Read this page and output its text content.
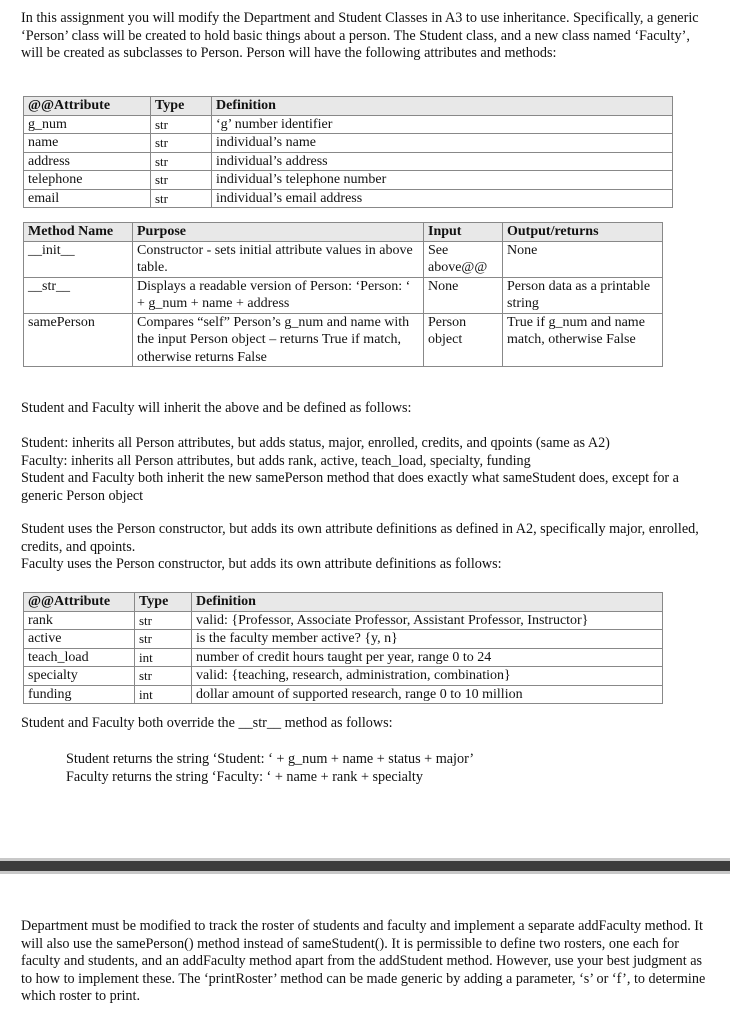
In this assignment you will modify the Department and Student Classes in A3 to use inheritance. Specifically, a generic ‘Person’ class will be created to hold basic things about a person. The Student class, and a new class named ‘Faculty’, will be created as subclasses to Person. Person will have the following attributes and methods:

@@Attribute	Type	Definition
g_num	str	‘g’ number identifier
name	str	individual’s name
address	str	individual’s address
telephone	str	individual’s telephone number
email	str	individual’s email address
Method Name	Purpose	Input	Output/returns
__init__	Constructor - sets initial attribute values in above table.	See above@@	None
__str__	Displays a readable version of Person: ‘Person: ‘ + g_num + name + address	None	Person data as a printable string
samePerson	Compares “self” Person’s g_num and name with the input Person object – returns True if match, otherwise returns False	Person object	True if g_num and name match, otherwise False

Student and Faculty will inherit the above and be defined as follows:

Student: inherits all Person attributes, but adds status, major, enrolled, credits, and qpoints (same as A2)
Faculty: inherits all Person attributes, but adds rank, active, teach_load, specialty, funding
Student and Faculty both inherit the new samePerson method that does exactly what sameStudent does, except for a generic Person object
Student uses the Person constructor, but adds its own attribute definitions as defined in A2, specifically major, enrolled, credits, and qpoints.
Faculty uses the Person constructor, but adds its own attribute definitions as follows:
@@Attribute	Type	Definition
rank	str	valid: {Professor, Associate Professor, Assistant Professor, Instructor}
active	str	is the faculty member active? {y, n}
teach_load	int	number of credit hours taught per year, range 0 to 24
specialty	str	valid: {teaching, research, administration, combination}
funding	int	dollar amount of supported research, range 0 to 10 million

Student and Faculty both override the __str__ method as follows:

Student returns the string ‘Student: ‘ + g_num + name + status + major’
Faculty returns the string ‘Faculty: ‘ + name + rank + specialty

Department must be modified to track the roster of students and faculty and implement a separate addFaculty method. It will also use the samePerson() method instead of sameStudent(). It is permissible to define two rosters, one each for faculty and students, and an addFaculty method apart from the addStudent method. However, use your best judgment as to how to implement these. The ‘printRoster’ method can be made generic by adding a parameter, ‘s’ or ‘f’, to determine which roster to print.
